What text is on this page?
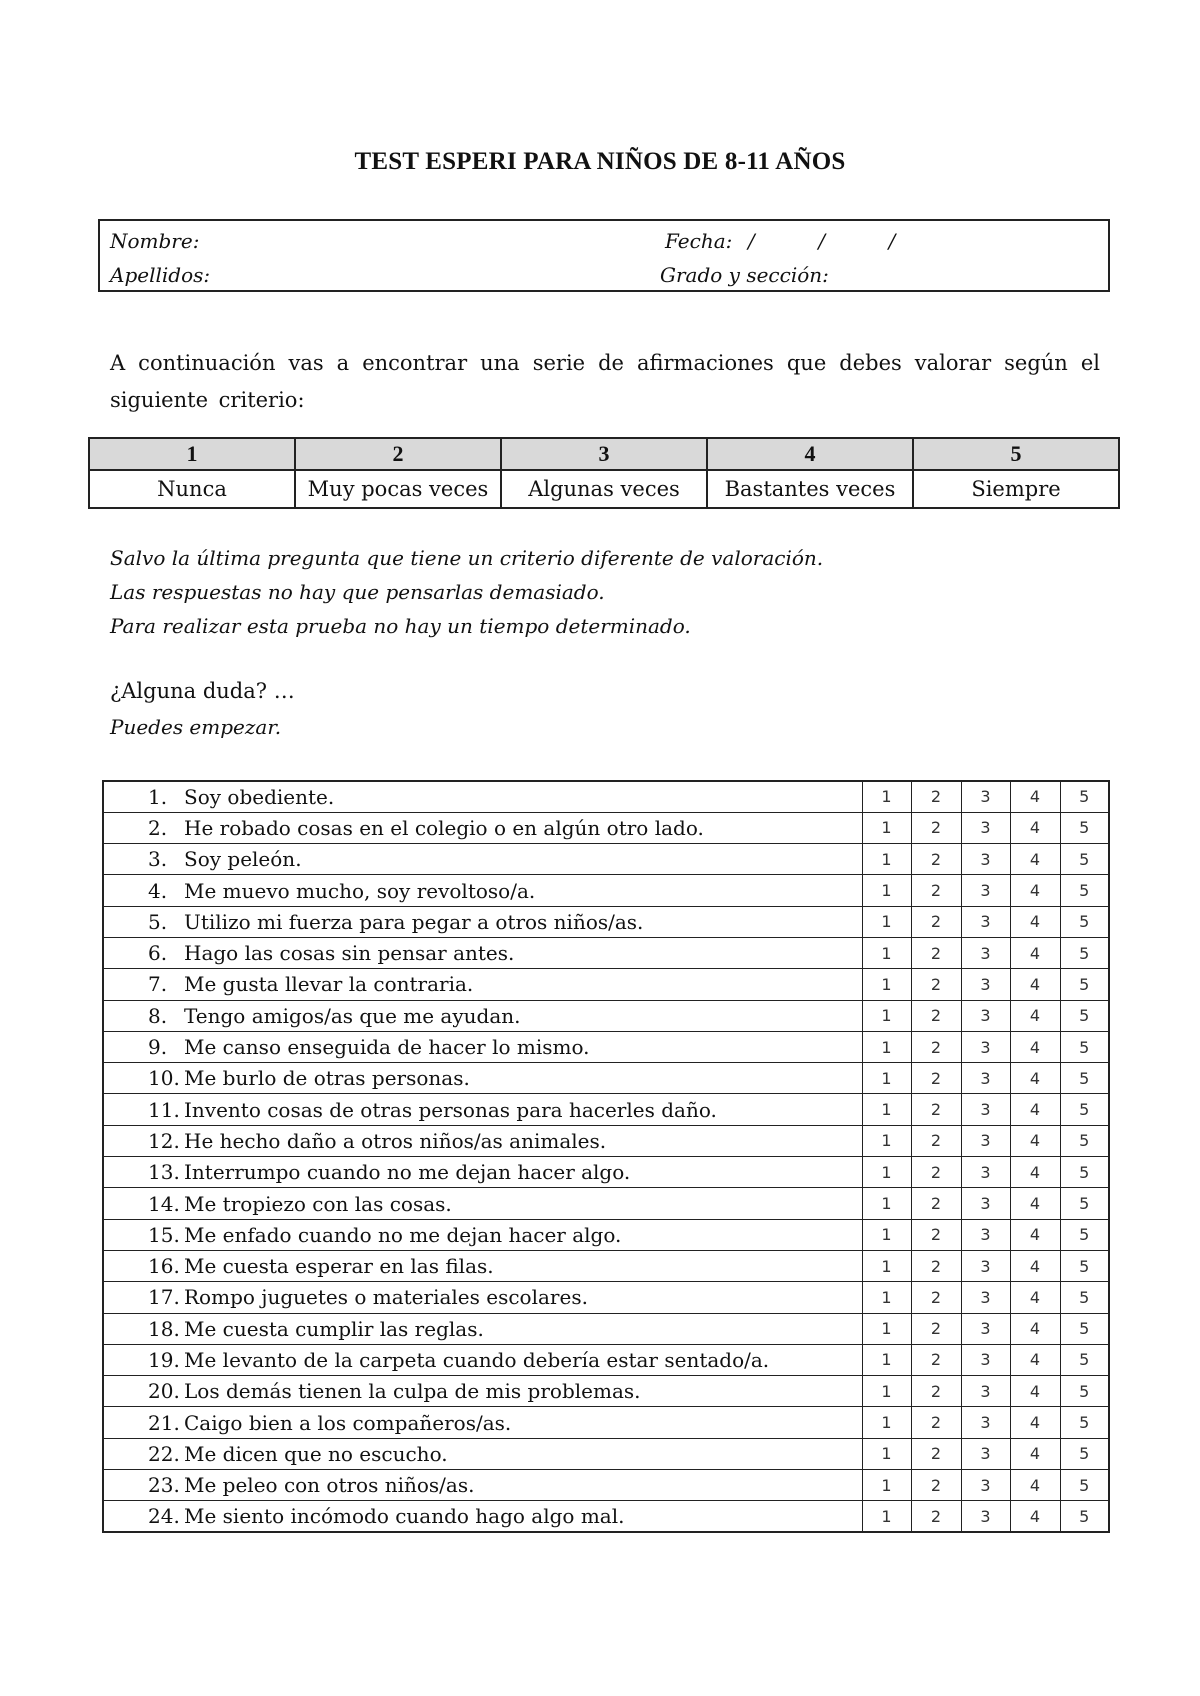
TEST ESPERI PARA NIÑOS DE 8-11 AÑOS
Nombre:
Apellidos:
Fecha: /          /          /
Grado y sección:
A continuación vas a encontrar una serie de afirmaciones que debes valorar según el siguiente criterio:
1	2	3	4	5
Nunca	Muy pocas veces	Algunas veces	Bastantes veces	Siempre
Salvo la última pregunta que tiene un criterio diferente de valoración.
Las respuestas no hay que pensarlas demasiado.
Para realizar esta prueba no hay un tiempo determinado.
¿Alguna duda? …
Puedes empezar.
1. Soy obediente.	1	2	3	4	5
2. He robado cosas en el colegio o en algún otro lado.	1	2	3	4	5
3. Soy peleón.	1	2	3	4	5
4. Me muevo mucho, soy revoltoso/a.	1	2	3	4	5
5. Utilizo mi fuerza para pegar a otros niños/as.	1	2	3	4	5
6. Hago las cosas sin pensar antes.	1	2	3	4	5
7. Me gusta llevar la contraria.	1	2	3	4	5
8. Tengo amigos/as que me ayudan.	1	2	3	4	5
9. Me canso enseguida de hacer lo mismo.	1	2	3	4	5
10. Me burlo de otras personas.	1	2	3	4	5
11. Invento cosas de otras personas para hacerles daño.	1	2	3	4	5
12. He hecho daño a otros niños/as animales.	1	2	3	4	5
13. Interrumpo cuando no me dejan hacer algo.	1	2	3	4	5
14. Me tropiezo con las cosas.	1	2	3	4	5
15. Me enfado cuando no me dejan hacer algo.	1	2	3	4	5
16. Me cuesta esperar en las filas.	1	2	3	4	5
17. Rompo juguetes o materiales escolares.	1	2	3	4	5
18. Me cuesta cumplir las reglas.	1	2	3	4	5
19. Me levanto de la carpeta cuando debería estar sentado/a.	1	2	3	4	5
20. Los demás tienen la culpa de mis problemas.	1	2	3	4	5
21. Caigo bien a los compañeros/as.	1	2	3	4	5
22. Me dicen que no escucho.	1	2	3	4	5
23. Me peleo con otros niños/as.	1	2	3	4	5
24. Me siento incómodo cuando hago algo mal.	1	2	3	4	5
